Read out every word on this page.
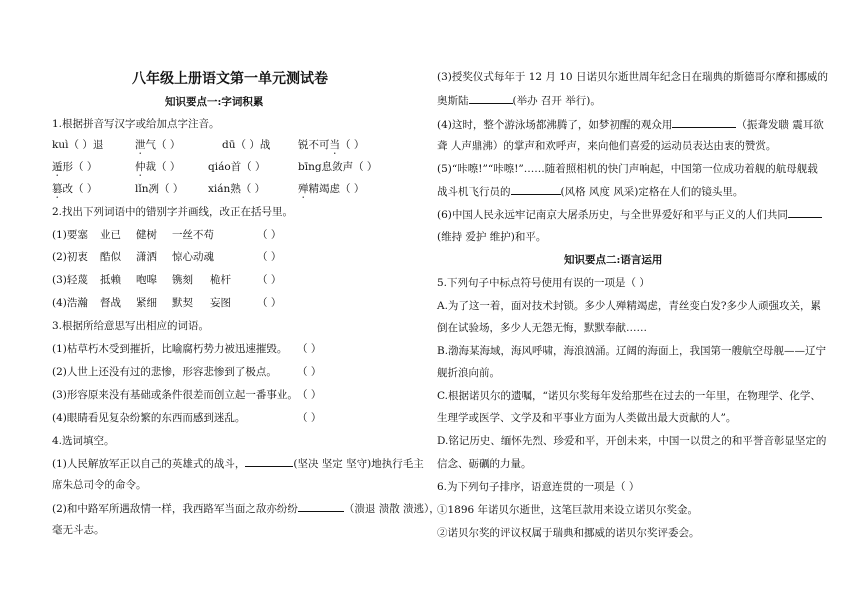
八年级上册语文第一单元测试卷
知识要点一:字词积累
1.根据拼音写汉字或给加点字注音。
kuì（ ）退	泄气（ ）	dū（ ）战	锐不可当（ ）
遁形（ ）	仲裁（ ）	qiáo首（ ）	bīng息敛声（ ）
篡改（ ）	lǐn冽（ ） xián熟（ ）	殚精竭虑（ ）
2.找出下列词语中的错别字并画线，改正在括号里。
(1)要塞 业已 健树 一丝不苟	（ ）
(2)初衷 酷似 潇洒 惊心动魂	（ ）
(3)轻蔑 抵赖 咆嗥 镌刻 桅杆 （ ）
(4)浩瀚 督战 紧细 默契 妄图 （ ）
3.根据所给意思写出相应的词语。
(1)枯草朽木受到摧折，比喻腐朽势力被迅速摧毁。 （ ）
(2)人世上还没有过的悲惨，形容悲惨到了极点。 （ ）
(3)形容原来没有基础或条件很差而创立起一番事业。 （ ）
(4)眼睛看见复杂纷繁的东西而感到迷乱。	（ ）
4.选词填空。
(1)人民解放军正以自己的英雄式的战斗，	(坚决 坚定 坚守)地执行毛主
席朱总司令的命令。
(2)和中路军所遇敌情一样，我西路军当面之敌亦纷纷	（溃退 溃散 溃逃），
毫无斗志。
(3)授奖仪式每年于 12 月 10 日诺贝尔逝世周年纪念日在瑞典的斯德哥尔摩和挪威的
奥斯陆	(举办 召开 举行)。
(4)这时，整个游泳场都沸腾了，如梦初醒的观众用	（振聋发聩 震耳欲
聋 人声鼎沸）的掌声和欢呼声，来向他们喜爱的运动员表达由衷的赞赏。
(5)“咔嚓!”“咔嚓!”……随着照相机的快门声响起，中国第一位成功着舰的航母舰载
战斗机飞行员的	(风格 风度 风采)定格在人们的镜头里。
(6)中国人民永远牢记南京大屠杀历史，与全世界爱好和平与正义的人们共同
(维持 爱护 维护)和平。
知识要点二:语言运用
5.下列句子中标点符号使用有误的一项是（ ）
A.为了这一着，面对技术封锁。多少人殚精竭虑，青丝变白发?多少人顽强攻关，累
倒在试验场，多少人无怨无悔，默默奉献……
B.渤海某海域，海风呼啸，海浪汹涌。辽阔的海面上，我国第一艘航空母舰——辽宁
舰折浪向前。
C.根据诺贝尔的遗嘱，“诺贝尔奖每年发给那些在过去的一年里，在物理学、化学、
生理学或医学、文学及和平事业方面为人类做出最大贡献的人”。
D.铭记历史、缅怀先烈、珍爱和平，开创未来，中国一以贯之的和平誉音彰显坚定的
信念、砺礪的力量。
6.为下列句子排序，语意连贯的一项是（ ）
①1896 年诺贝尔逝世，这笔巨款用来设立诺贝尔奖金。
②诺贝尔奖的评议权属于瑞典和挪威的诺贝尔奖评委会。
